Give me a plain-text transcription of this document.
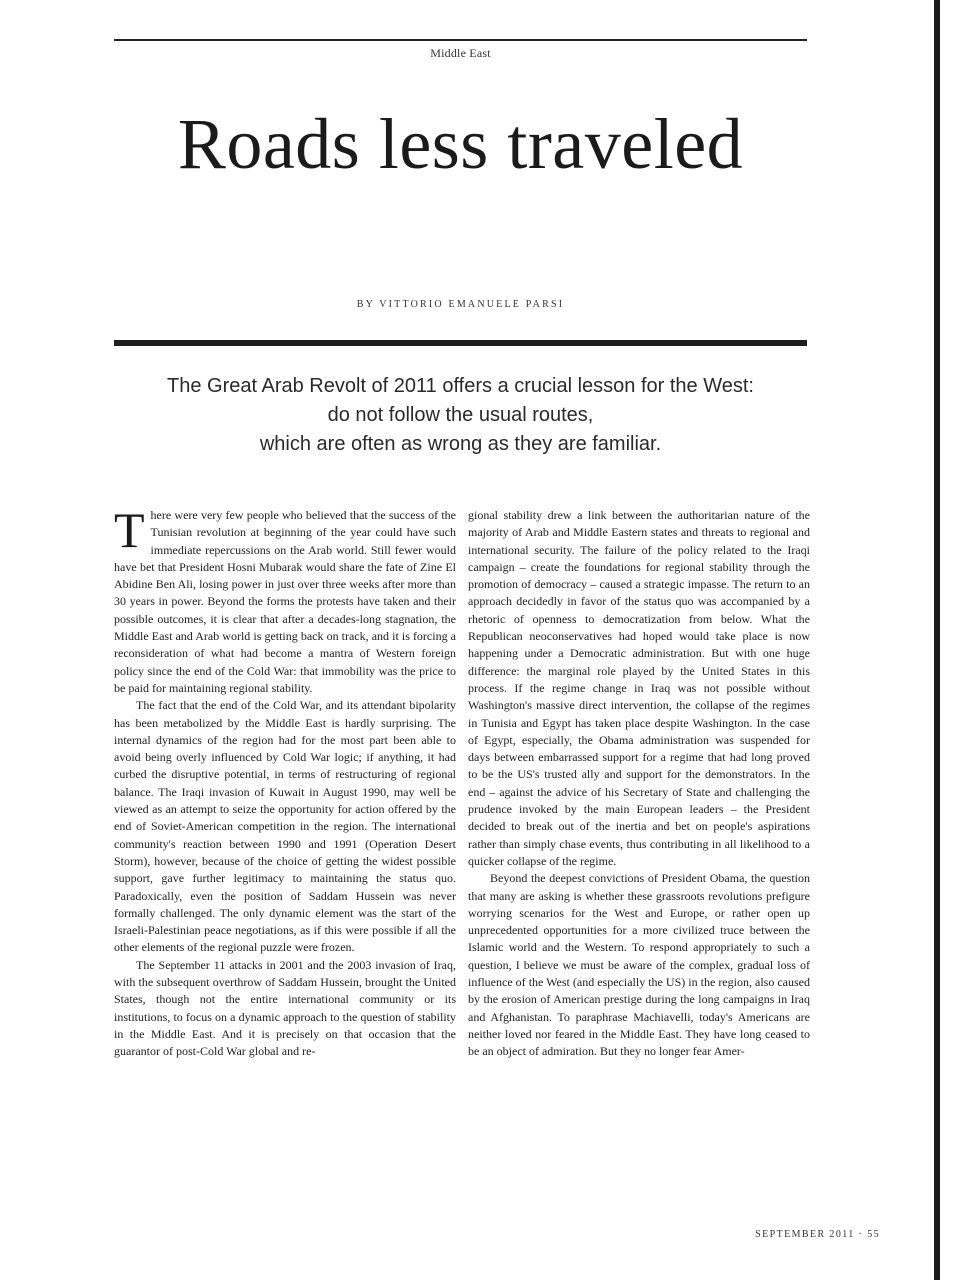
Middle East
Roads less traveled
BY VITTORIO EMANUELE PARSI
The Great Arab Revolt of 2011 offers a crucial lesson for the West:
do not follow the usual routes,
which are often as wrong as they are familiar.

There were very few people who believed that the success of the Tunisian revolution at beginning of the year could have such immediate repercussions on the Arab world. Still fewer would have bet that President Hosni Mubarak would share the fate of Zine El Abidine Ben Ali, losing power in just over three weeks after more than 30 years in power. Beyond the forms the protests have taken and their possible outcomes, it is clear that after a decades-long stagnation, the Middle East and Arab world is getting back on track, and it is forcing a reconsideration of what had become a mantra of Western foreign policy since the end of the Cold War: that immobility was the price to be paid for maintaining regional stability.

The fact that the end of the Cold War, and its attendant bipolarity has been metabolized by the Middle East is hardly surprising. The internal dynamics of the region had for the most part been able to avoid being overly influenced by Cold War logic; if anything, it had curbed the disruptive potential, in terms of restructuring of regional balance. The Iraqi invasion of Kuwait in August 1990, may well be viewed as an attempt to seize the opportunity for action offered by the end of Soviet-American competition in the region. The international community's reaction between 1990 and 1991 (Operation Desert Storm), however, because of the choice of getting the widest possible support, gave further legitimacy to maintaining the status quo. Paradoxically, even the position of Saddam Hussein was never formally challenged. The only dynamic element was the start of the Israeli-Palestinian peace negotiations, as if this were possible if all the other elements of the regional puzzle were frozen.

The September 11 attacks in 2001 and the 2003 invasion of Iraq, with the subsequent overthrow of Saddam Hussein, brought the United States, though not the entire international community or its institutions, to focus on a dynamic approach to the question of stability in the Middle East. And it is precisely on that occasion that the guarantor of post-Cold War global and re-

gional stability drew a link between the authoritarian nature of the majority of Arab and Middle Eastern states and threats to regional and international security. The failure of the policy related to the Iraqi campaign – create the foundations for regional stability through the promotion of democracy – caused a strategic impasse. The return to an approach decidedly in favor of the status quo was accompanied by a rhetoric of openness to democratization from below. What the Republican neoconservatives had hoped would take place is now happening under a Democratic administration. But with one huge difference: the marginal role played by the United States in this process. If the regime change in Iraq was not possible without Washington's massive direct intervention, the collapse of the regimes in Tunisia and Egypt has taken place despite Washington. In the case of Egypt, especially, the Obama administration was suspended for days between embarrassed support for a regime that had long proved to be the US's trusted ally and support for the demonstrators. In the end – against the advice of his Secretary of State and challenging the prudence invoked by the main European leaders – the President decided to break out of the inertia and bet on people's aspirations rather than simply chase events, thus contributing in all likelihood to a quicker collapse of the regime.

Beyond the deepest convictions of President Obama, the question that many are asking is whether these grassroots revolutions prefigure worrying scenarios for the West and Europe, or rather open up unprecedented opportunities for a more civilized truce between the Islamic world and the Western. To respond appropriately to such a question, I believe we must be aware of the complex, gradual loss of influence of the West (and especially the US) in the region, also caused by the erosion of American prestige during the long campaigns in Iraq and Afghanistan. To paraphrase Machiavelli, today's Americans are neither loved nor feared in the Middle East. They have long ceased to be an object of admiration. But they no longer fear Amer-

SEPTEMBER 2011 · 55
